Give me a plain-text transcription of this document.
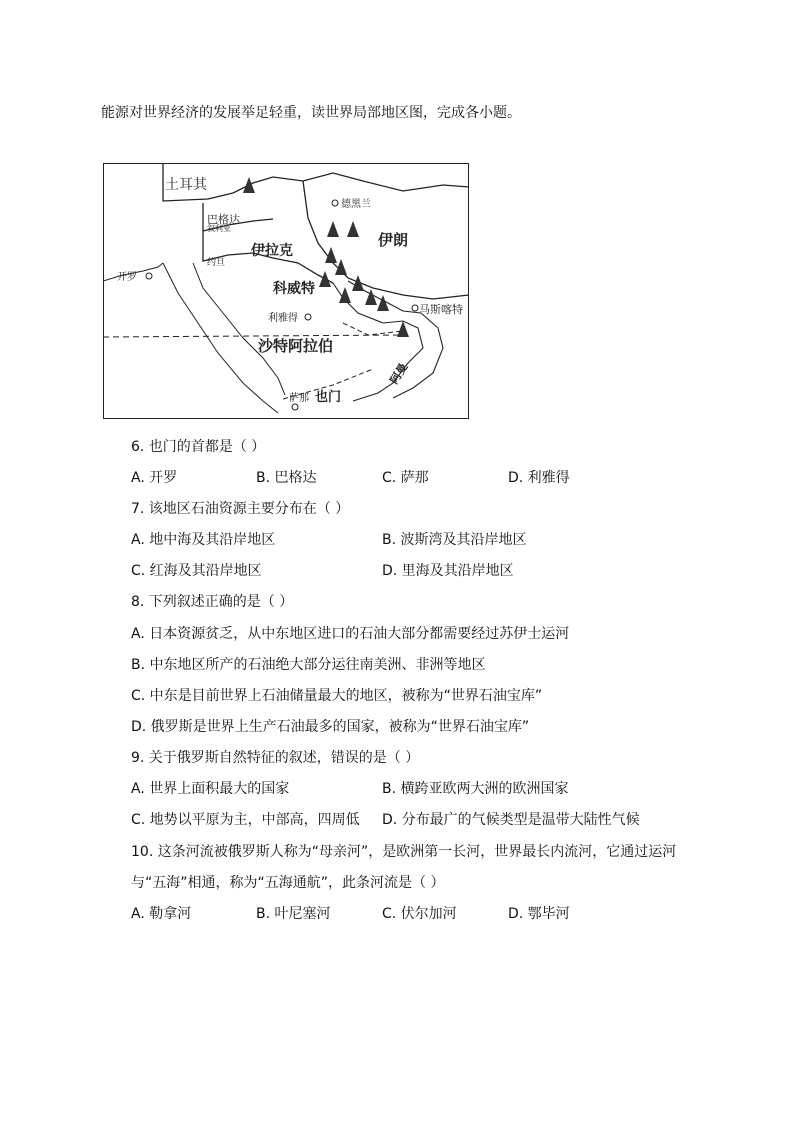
能源对世界经济的发展举足轻重，读世界局部地区图，完成各小题。
土耳其
巴格达
叙利亚
伊拉克
约旦
开罗
德黑兰
伊朗
科威特
马斯喀特
利雅得
沙特阿拉伯
阿曼
萨那 也门
6. 也门的首都是（ ）
A. 开罗	B. 巴格达	C. 萨那	D. 利雅得
7. 该地区石油资源主要分布在（ ）
A. 地中海及其沿岸地区	B. 波斯湾及其沿岸地区
C. 红海及其沿岸地区	D. 里海及其沿岸地区
8. 下列叙述正确的是（ ）
A. 日本资源贫乏，从中东地区进口的石油大部分都需要经过苏伊士运河
B. 中东地区所产的石油绝大部分运往南美洲、非洲等地区
C. 中东是目前世界上石油储量最大的地区，被称为“世界石油宝库”
D. 俄罗斯是世界上生产石油最多的国家，被称为“世界石油宝库”
9. 关于俄罗斯自然特征的叙述，错误的是（ ）
A. 世界上面积最大的国家	B. 横跨亚欧两大洲的欧洲国家
C. 地势以平原为主，中部高，四周低 D. 分布最广的气候类型是温带大陆性气候
10. 这条河流被俄罗斯人称为“母亲河”，是欧洲第一长河，世界最长内流河，它通过运河
与“五海”相通，称为“五海通航”，此条河流是（ ）
A. 勒拿河	B. 叶尼塞河	C. 伏尔加河	D. 鄂毕河
